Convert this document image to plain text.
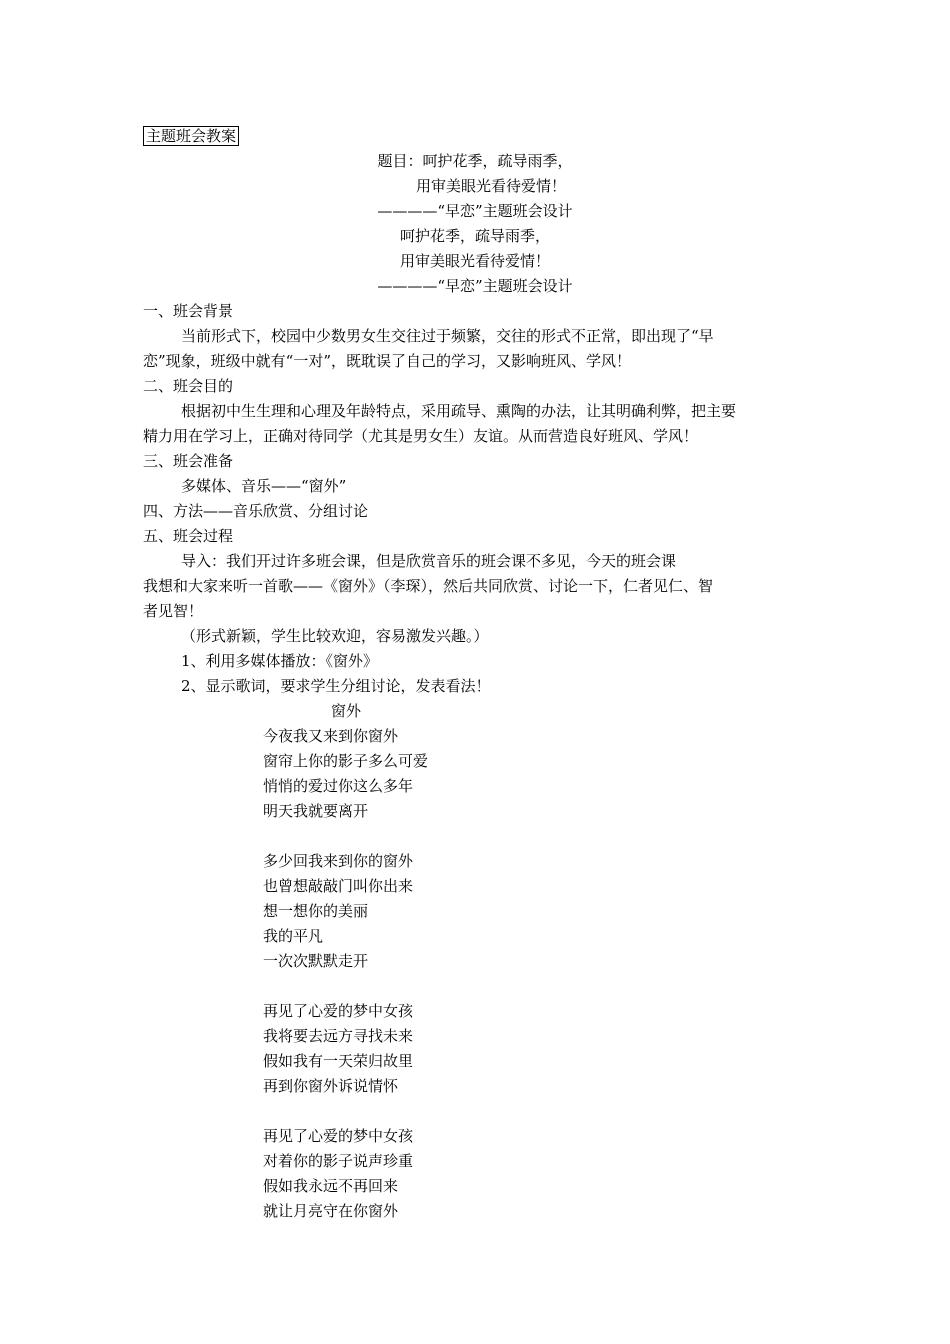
主题班会教案
题目：呵护花季，疏导雨季，
用审美眼光看待爱情！
————“早恋”主题班会设计
呵护花季，疏导雨季，
用审美眼光看待爱情！
————“早恋”主题班会设计
一、班会背景
当前形式下，校园中少数男女生交往过于频繁，交往的形式不正常，即出现了“早
恋”现象，班级中就有“一对”，既耽误了自己的学习，又影响班风、学风！
二、班会目的
根据初中生生理和心理及年龄特点，采用疏导、熏陶的办法，让其明确利弊，把主要
精力用在学习上，正确对待同学（尤其是男女生）友谊。从而营造良好班风、学风！
三、班会准备
多媒体、音乐——“窗外”
四、方法——音乐欣赏、分组讨论
五、班会过程
导入：我们开过许多班会课，但是欣赏音乐的班会课不多见，今天的班会课
我想和大家来听一首歌——《窗外》（李琛），然后共同欣赏、讨论一下，仁者见仁、智
者见智！
（形式新颖，学生比较欢迎，容易激发兴趣。）
1、利用多媒体播放：《窗外》
2、显示歌词，要求学生分组讨论，发表看法！
窗外
今夜我又来到你窗外
窗帘上你的影子多么可爱
悄悄的爱过你这么多年
明天我就要离开
多少回我来到你的窗外
也曾想敲敲门叫你出来
想一想你的美丽
我的平凡
一次次默默走开
再见了心爱的梦中女孩
我将要去远方寻找未来
假如我有一天荣归故里
再到你窗外诉说情怀
再见了心爱的梦中女孩
对着你的影子说声珍重
假如我永远不再回来
就让月亮守在你窗外
